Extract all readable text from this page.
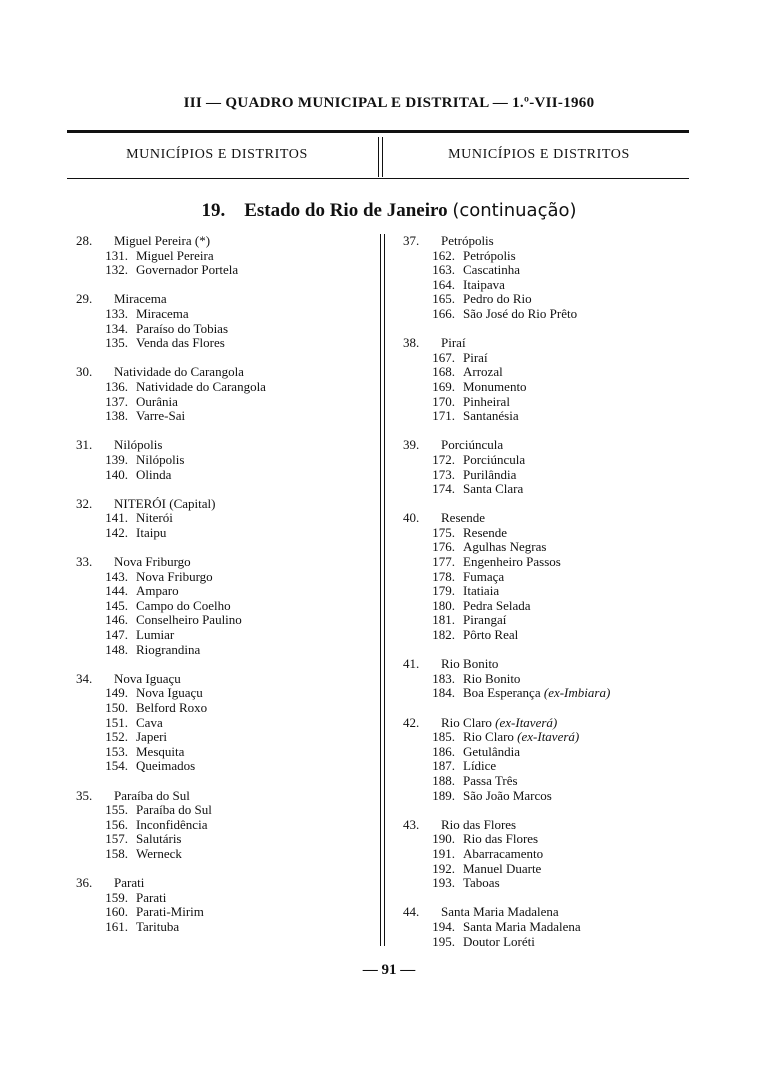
III — QUADRO MUNICIPAL E DISTRITAL — 1.º-VII-1960
MUNICÍPIOS E DISTRITOS	MUNICÍPIOS E DISTRITOS
19. Estado do Rio de Janeiro (continuação)
28. Miguel Pereira (*)
131. Miguel Pereira
132. Governador Portela
29. Miracema
133. Miracema
134. Paraíso do Tobias
135. Venda das Flores
30. Natividade do Carangola
136. Natividade do Carangola
137. Ourânia
138. Varre-Sai
31. Nilópolis
139. Nilópolis
140. Olinda
32. NITERÓI (Capital)
141. Niterói
142. Itaipu
33. Nova Friburgo
143. Nova Friburgo
144. Amparo
145. Campo do Coelho
146. Conselheiro Paulino
147. Lumiar
148. Riograndina
34. Nova Iguaçu
149. Nova Iguaçu
150. Belford Roxo
151. Cava
152. Japeri
153. Mesquita
154. Queimados
35. Paraíba do Sul
155. Paraíba do Sul
156. Inconfidência
157. Salutáris
158. Werneck
36. Parati
159. Parati
160. Parati-Mirim
161. Tarituba
37. Petrópolis
162. Petrópolis
163. Cascatinha
164. Itaipava
165. Pedro do Rio
166. São José do Rio Prêto
38. Piraí
167. Piraí
168. Arrozal
169. Monumento
170. Pinheiral
171. Santanésia
39. Porciúncula
172. Porciúncula
173. Purilândia
174. Santa Clara
40. Resende
175. Resende
176. Agulhas Negras
177. Engenheiro Passos
178. Fumaça
179. Itatiaia
180. Pedra Selada
181. Pirangaí
182. Pôrto Real
41. Rio Bonito
183. Rio Bonito
184. Boa Esperança (ex-Imbiara)
42. Rio Claro (ex-Itaverá)
185. Rio Claro (ex-Itaverá)
186. Getulândia
187. Lídice
188. Passa Três
189. São João Marcos
43. Rio das Flores
190. Rio das Flores
191. Abarracamento
192. Manuel Duarte
193. Taboas
44. Santa Maria Madalena
194. Santa Maria Madalena
195. Doutor Loréti
— 91 —
